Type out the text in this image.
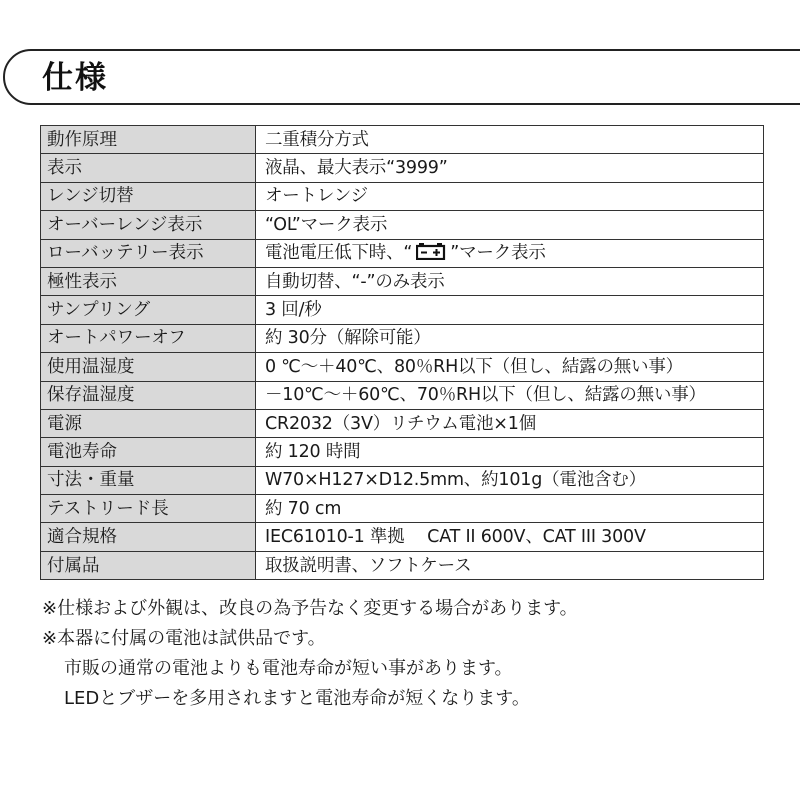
仕様
動作原理	二重積分方式
表示	液晶、最大表示“3999”
レンジ切替	オートレンジ
オーバーレンジ表示	“OL”マーク表示
ローバッテリー表示	電池電圧低下時、“ ”マーク表示
極性表示	自動切替、“-”のみ表示
サンプリング	3 回/秒
オートパワーオフ	約 30分（解除可能）
使用温湿度	0 ℃～＋40℃、80％RH以下（但し、結露の無い事）
保存温湿度	－10℃～＋60℃、70％RH以下（但し、結露の無い事）
電源	CR2032（3V）リチウム電池×1個
電池寿命	約 120 時間
寸法・重量	W70×H127×D12.5mm、約101g（電池含む）
テストリード長	約 70 cm
適合規格	IEC61010-1 準拠　 CAT II 600V、CAT III 300V
付属品	取扱説明書、ソフトケース
※仕様および外観は、改良の為予告なく変更する場合があります。
※本器に付属の電池は試供品です。
市販の通常の電池よりも電池寿命が短い事があります。
LEDとブザーを多用されますと電池寿命が短くなります。
